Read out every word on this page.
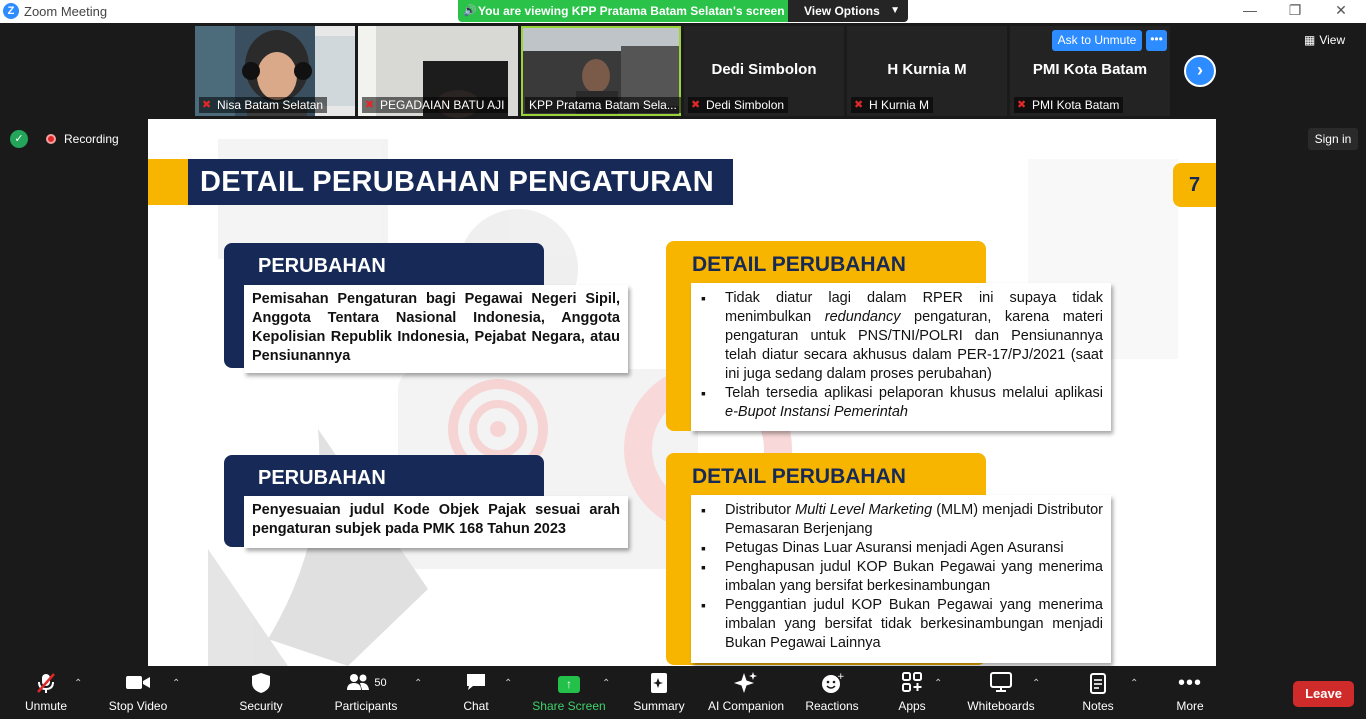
Z Zoom Meeting	— ❐ ✕
🔊 You are viewing KPP Pratama Batam Selatan's screen	View Options ▼
✖ Nisa Batam Selatan	✖ PEGADAIAN BATU AJI	KPP Pratama Batam Sela...
Dedi Simbolon
✖ Dedi Simbolon
H Kurnia M
✖ H Kurnia M
PMI Kota Batam
✖ PMI Kota Batam
Ask to Unmute	•••
›
▦ View
✓	Recording	Sign in
DETAIL PERUBAHAN PENGATURAN	7
PERUBAHAN
Pemisahan Pengaturan bagi Pegawai Negeri Sipil, Anggota Tentara Nasional Indonesia, Anggota Kepolisian Republik Indonesia, Pejabat Negara, atau Pensiunannya
DETAIL PERUBAHAN
▪ Tidak diatur lagi dalam RPER ini supaya tidak menimbulkan redundancy pengaturan, karena materi pengaturan untuk PNS/TNI/POLRI dan Pensiunannya telah diatur secara akhusus dalam PER-17/PJ/2021 (saat ini juga sedang dalam proses perubahan)
▪ Telah tersedia aplikasi pelaporan khusus melalui aplikasi e-Bupot Instansi Pemerintah
PERUBAHAN
Penyesuaian judul Kode Objek Pajak sesuai arah pengaturan subjek pada PMK 168 Tahun 2023
DETAIL PERUBAHAN
▪ Distributor Multi Level Marketing (MLM) menjadi Distributor Pemasaran Berjenjang
▪ Petugas Dinas Luar Asuransi menjadi Agen Asuransi
▪ Penghapusan judul KOP Bukan Pegawai yang menerima imbalan yang bersifat berkesinambungan
▪ Penggantian judul KOP Bukan Pegawai yang menerima imbalan yang bersifat tidak berkesinambungan menjadi Bukan Pegawai Lainnya
Unmute
⌃
Stop Video
⌃
Security
$^{50}$
Participants
⌃
Chat
⌃	↑
Share Screen
⌃
Summary AI Companion
+
Reactions	Apps
⌃
Whiteboards
⌃
Notes
⌃	•••
More
Leave
